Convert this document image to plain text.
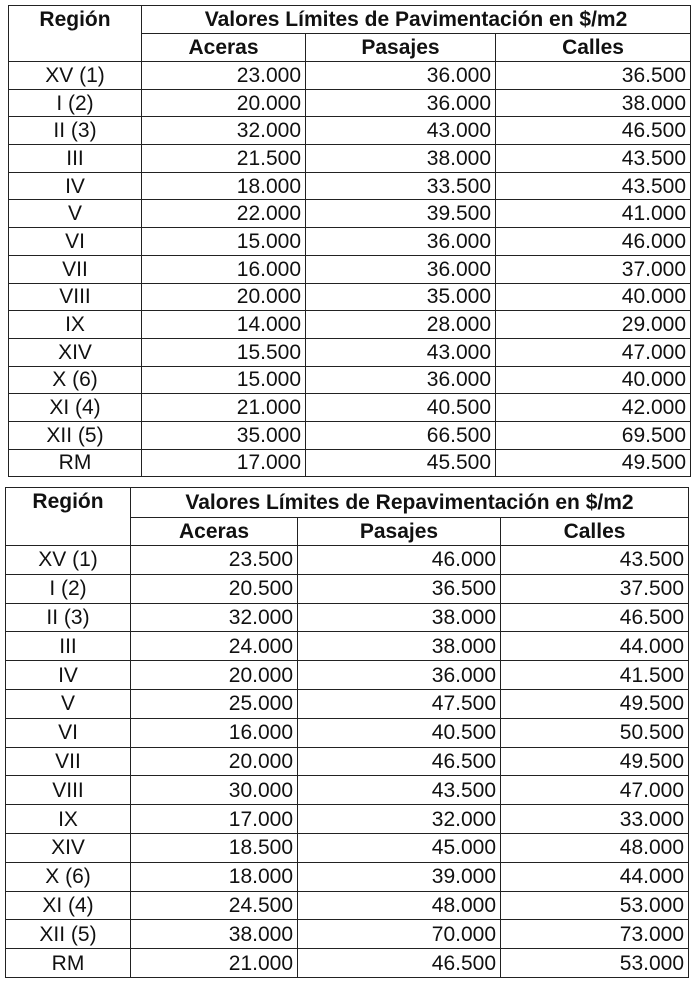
Región	Valores Límites de Pavimentación en $/m2		
	Aceras	Pasajes	Calles
XV (1)	23.000	36.000	36.500
I (2)	20.000	36.000	38.000
II (3)	32.000	43.000	46.500
III	21.500	38.000	43.500
IV	18.000	33.500	43.500
V	22.000	39.500	41.000
VI	15.000	36.000	46.000
VII	16.000	36.000	37.000
VIII	20.000	35.000	40.000
IX	14.000	28.000	29.000
XIV	15.500	43.000	47.000
X (6)	15.000	36.000	40.000
XI (4)	21.000	40.500	42.000
XII (5)	35.000	66.500	69.500
RM	17.000	45.500	49.500
Región	Valores Límites de Repavimentación en $/m2		
	Aceras	Pasajes	Calles
XV (1)	23.500	46.000	43.500
I (2)	20.500	36.500	37.500
II (3)	32.000	38.000	46.500
III	24.000	38.000	44.000
IV	20.000	36.000	41.500
V	25.000	47.500	49.500
VI	16.000	40.500	50.500
VII	20.000	46.500	49.500
VIII	30.000	43.500	47.000
IX	17.000	32.000	33.000
XIV	18.500	45.000	48.000
X (6)	18.000	39.000	44.000
XI (4)	24.500	48.000	53.000
XII (5)	38.000	70.000	73.000
RM	21.000	46.500	53.000
